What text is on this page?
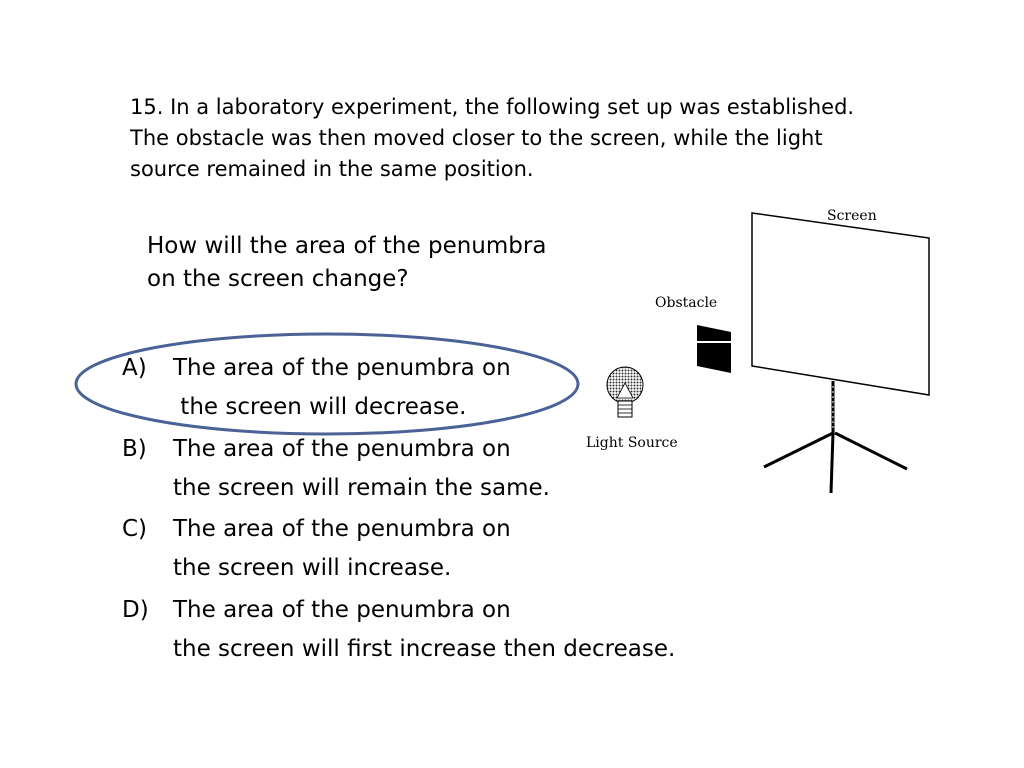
15. In a laboratory experiment, the following set up was established.
The obstacle was then moved closer to the screen, while the light
source remained in the same position.
How will the area of the penumbra
on the screen change?
A) The area of the penumbra on
the screen will decrease.
B) The area of the penumbra on
the screen will remain the same.
C) The area of the penumbra on
the screen will increase.
D) The area of the penumbra on
the screen will first increase then decrease.
Screen
Obstacle
Light Source
